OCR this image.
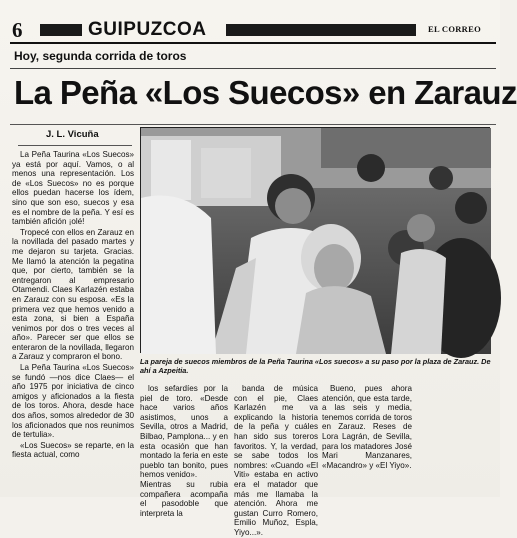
6	GUIPUZCOA	EL CORREO
Hoy, segunda corrida de toros
La Peña «Los Suecos» en Zarauz
J. L. Vicuña

La Peña Taurina «Los Suecos» ya está por aquí. Vamos, o al menos una representación. Los de «Los Suecos» no es porque ellos puedan hacerse los ídem, sino que son eso, suecos y esa es el nombre de la peña. Y esí es también afición ¡olé!

Tropecé con ellos en Zarauz en la novillada del pasado martes y me dejaron su tarjeta. Gracias. Me llamó la atención la pegatina que, por cierto, también se la entregaron al empresario Otamendi. Claes Karlazén estaba en Zarauz con su esposa. «Es la primera vez que hemos venido a esta zona, si bien a España venimos por dos o tres veces al año». Parecer ser que ellos se enteraron de la novillada, llegaron a Zarauz y compraron el bono.

La Peña Taurina «Los Suecos» se fundó —nos dice Claes— el año 1975 por iniciativa de cinco amigos y aficionados a la fiesta de los toros. Ahora, desde hace dos años, somos alrededor de 30 los aficionados que nos reunimos de tertulia».

«Los Suecos» se reparte, en la fiesta actual, como

La pareja de suecos miembros de la Peña Taurina «Los suecos» a su paso por la plaza de Zarauz. De ahí a Azpeitia.

los sefardíes por la piel de toro. «Desde hace varios años asistimos, unos a Sevilla, otros a Madrid, Bilbao, Pamplona... y en esta ocasión que han montado la feria en este pueblo tan bonito, pues hemos venido».
Mientras su rubia compañera acompaña el pasodoble que interpreta la

banda de música con el pie, Claes Karlazén me va explicando la historia de la peña y cuáles han sido sus toreros favoritos. Y, la verdad, se sabe todos los nombres: «Cuando «El Viti» estaba en activo era el matador que más me llamaba la atención. Ahora me gustan Curro Romero, Emilio Muñoz, Espla, Yiyo...».

Bueno, pues ahora atención, que esta tarde, a las seis y media, tenemos corrida de toros en Zarauz. Reses de Lora Lagrán, de Sevilla, para los matadores José Mari Manzanares, «Macandro» y «El Yiyo».
